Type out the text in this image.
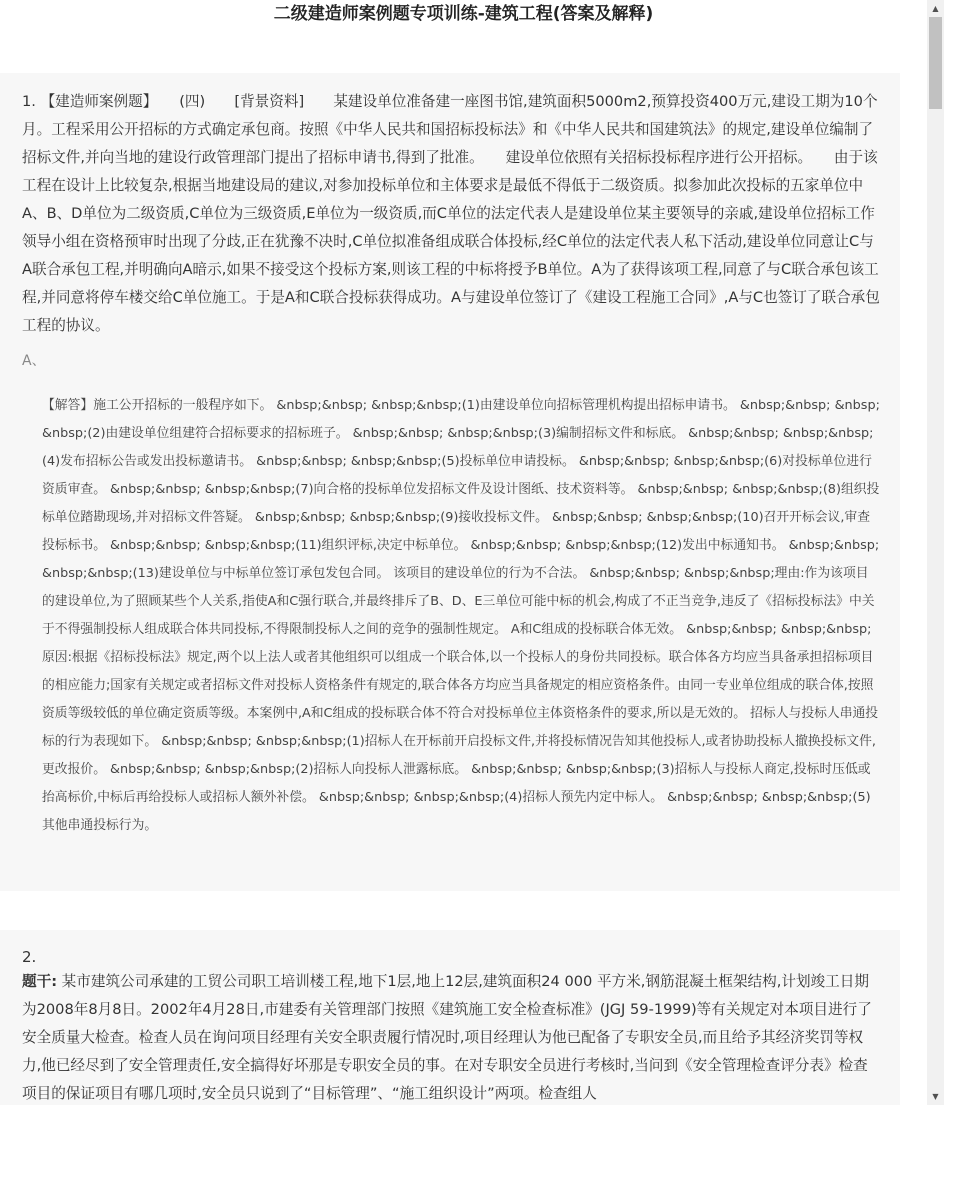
二级建造师案例题专项训练-建筑工程(答案及解释)
1. 【建造师案例题】　　(四)　　[背景资料]　　某建设单位准备建一座图书馆,建筑面积5000m2,预算投资400万元,建设工期为10个月。工程采用公开招标的方式确定承包商。按照《中华人民共和国招标投标法》和《中华人民共和国建筑法》的规定,建设单位编制了招标文件,并向当地的建设行政管理部门提出了招标申请书,得到了批准。　　建设单位依照有关招标投标程序进行公开招标。　　由于该工程在设计上比较复杂,根据当地建设局的建议,对参加投标单位和主体要求是最低不得低于二级资质。拟参加此次投标的五家单位中A、B、D单位为二级资质,C单位为三级资质,E单位为一级资质,而C单位的法定代表人是建设单位某主要领导的亲戚,建设单位招标工作领导小组在资格预审时出现了分歧,正在犹豫不决时,C单位拟准备组成联合体投标,经C单位的法定代表人私下活动,建设单位同意让C与A联合承包工程,并明确向A暗示,如果不接受这个投标方案,则该工程的中标将授予B单位。A为了获得该项工程,同意了与C联合承包该工程,并同意将停车楼交给C单位施工。于是A和C联合投标获得成功。A与建设单位签订了《建设工程施工合同》,A与C也签订了联合承包工程的协议。
A、
【解答】施工公开招标的一般程序如下。 &nbsp;&nbsp; &nbsp;&nbsp;(1)由建设单位向招标管理机构提出招标申请书。 &nbsp;&nbsp; &nbsp;&nbsp;(2)由建设单位组建符合招标要求的招标班子。 &nbsp;&nbsp; &nbsp;&nbsp;(3)编制招标文件和标底。 &nbsp;&nbsp; &nbsp;&nbsp;(4)发布招标公告或发出投标邀请书。 &nbsp;&nbsp; &nbsp;&nbsp;(5)投标单位申请投标。 &nbsp;&nbsp; &nbsp;&nbsp;(6)对投标单位进行资质审查。 &nbsp;&nbsp; &nbsp;&nbsp;(7)向合格的投标单位发招标文件及设计图纸、技术资料等。 &nbsp;&nbsp; &nbsp;&nbsp;(8)组织投标单位踏勘现场,并对招标文件答疑。 &nbsp;&nbsp; &nbsp;&nbsp;(9)接收投标文件。 &nbsp;&nbsp; &nbsp;&nbsp;(10)召开开标会议,审查投标标书。 &nbsp;&nbsp; &nbsp;&nbsp;(11)组织评标,决定中标单位。 &nbsp;&nbsp; &nbsp;&nbsp;(12)发出中标通知书。 &nbsp;&nbsp; &nbsp;&nbsp;(13)建设单位与中标单位签订承包发包合同。 该项目的建设单位的行为不合法。 &nbsp;&nbsp; &nbsp;&nbsp;理由:作为该项目的建设单位,为了照顾某些个人关系,指使A和C强行联合,并最终排斥了B、D、E三单位可能中标的机会,构成了不正当竞争,违反了《招标投标法》中关于不得强制投标人组成联合体共同投标,不得限制投标人之间的竞争的强制性规定。 A和C组成的投标联合体无效。 &nbsp;&nbsp; &nbsp;&nbsp;原因:根据《招标投标法》规定,两个以上法人或者其他组织可以组成一个联合体,以一个投标人的身份共同投标。联合体各方均应当具备承担招标项目的相应能力;国家有关规定或者招标文件对投标人资格条件有规定的,联合体各方均应当具备规定的相应资格条件。由同一专业单位组成的联合体,按照资质等级较低的单位确定资质等级。本案例中,A和C组成的投标联合体不符合对投标单位主体资格条件的要求,所以是无效的。 招标人与投标人串通投标的行为表现如下。 &nbsp;&nbsp; &nbsp;&nbsp;(1)招标人在开标前开启投标文件,并将投标情况告知其他投标人,或者协助投标人撤换投标文件,更改报价。 &nbsp;&nbsp; &nbsp;&nbsp;(2)招标人向投标人泄露标底。 &nbsp;&nbsp; &nbsp;&nbsp;(3)招标人与投标人商定,投标时压低或抬高标价,中标后再给投标人或招标人额外补偿。 &nbsp;&nbsp; &nbsp;&nbsp;(4)招标人预先内定中标人。 &nbsp;&nbsp; &nbsp;&nbsp;(5)其他串通投标行为。
2.
题干: 某市建筑公司承建的工贸公司职工培训楼工程,地下1层,地上12层,建筑面积24 000 平方米,钢筋混凝土框架结构,计划竣工日期为2008年8月8日。2002年4月28日,市建委有关管理部门按照《建筑施工安全检查标准》(JGJ 59-1999)等有关规定对本项目进行了安全质量大检查。检查人员在询问项目经理有关安全职责履行情况时,项目经理认为他已配备了专职安全员,而且给予其经济奖罚等权力,他已经尽到了安全管理责任,安全搞得好坏那是专职安全员的事。在对专职安全员进行考核时,当问到《安全管理检查评分表》检查项目的保证项目有哪几项时,安全员只说到了“目标管理”、“施工组织设计”两项。检查组人
▲
▼
